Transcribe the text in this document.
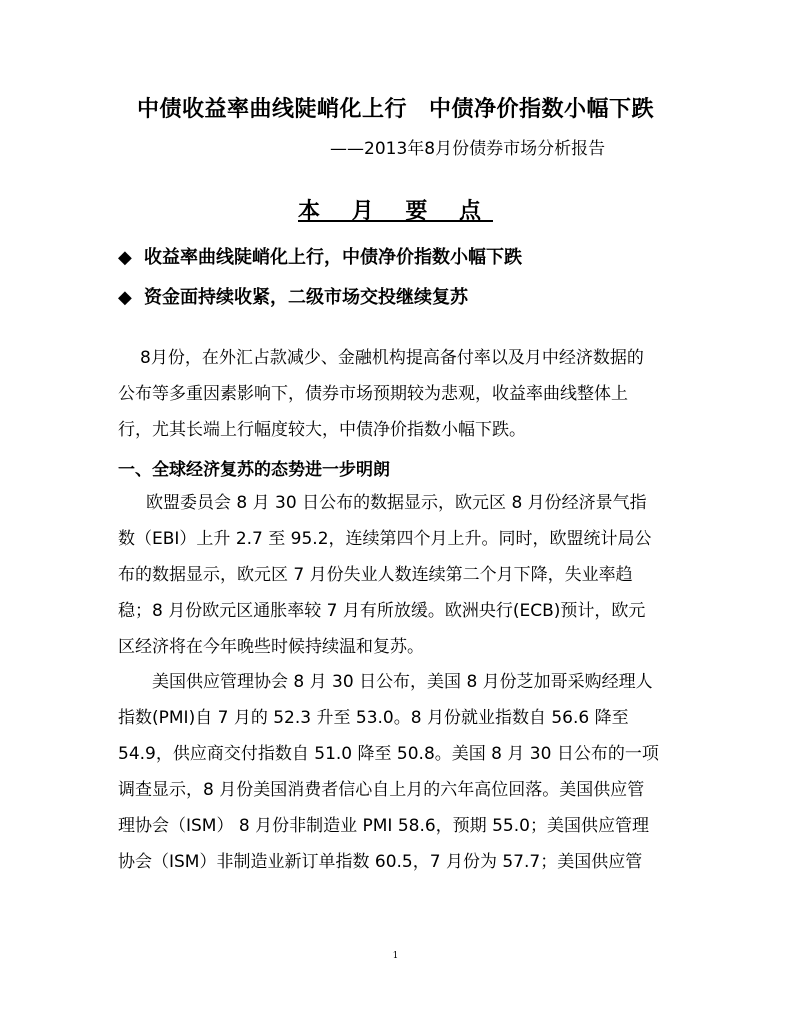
中债收益率曲线陡峭化上行 中债净价指数小幅下跌
——2013年8月份债券市场分析报告
本 月 要 点
◆ 收益率曲线陡峭化上行，中债净价指数小幅下跌
◆ 资金面持续收紧，二级市场交投继续复苏
8月份，在外汇占款减少、金融机构提高备付率以及月中经济数据的
公布等多重因素影响下，债券市场预期较为悲观，收益率曲线整体上
行，尤其长端上行幅度较大，中债净价指数小幅下跌。
一、全球经济复苏的态势进一步明朗
欧盟委员会 8 月 30 日公布的数据显示，欧元区 8 月份经济景气指
数（EBI）上升 2.7 至 95.2，连续第四个月上升。同时，欧盟统计局公
布的数据显示，欧元区 7 月份失业人数连续第二个月下降，失业率趋
稳；8 月份欧元区通胀率较 7 月有所放缓。欧洲央行(ECB)预计，欧元
区经济将在今年晚些时候持续温和复苏。
美国供应管理协会 8 月 30 日公布，美国 8 月份芝加哥采购经理人
指数(PMI)自 7 月的 52.3 升至 53.0。8 月份就业指数自 56.6 降至
54.9，供应商交付指数自 51.0 降至 50.8。美国 8 月 30 日公布的一项
调查显示，8 月份美国消费者信心自上月的六年高位回落。美国供应管
理协会（ISM） 8 月份非制造业 PMI 58.6，预期 55.0；美国供应管理
协会（ISM）非制造业新订单指数 60.5，7 月份为 57.7；美国供应管
1
